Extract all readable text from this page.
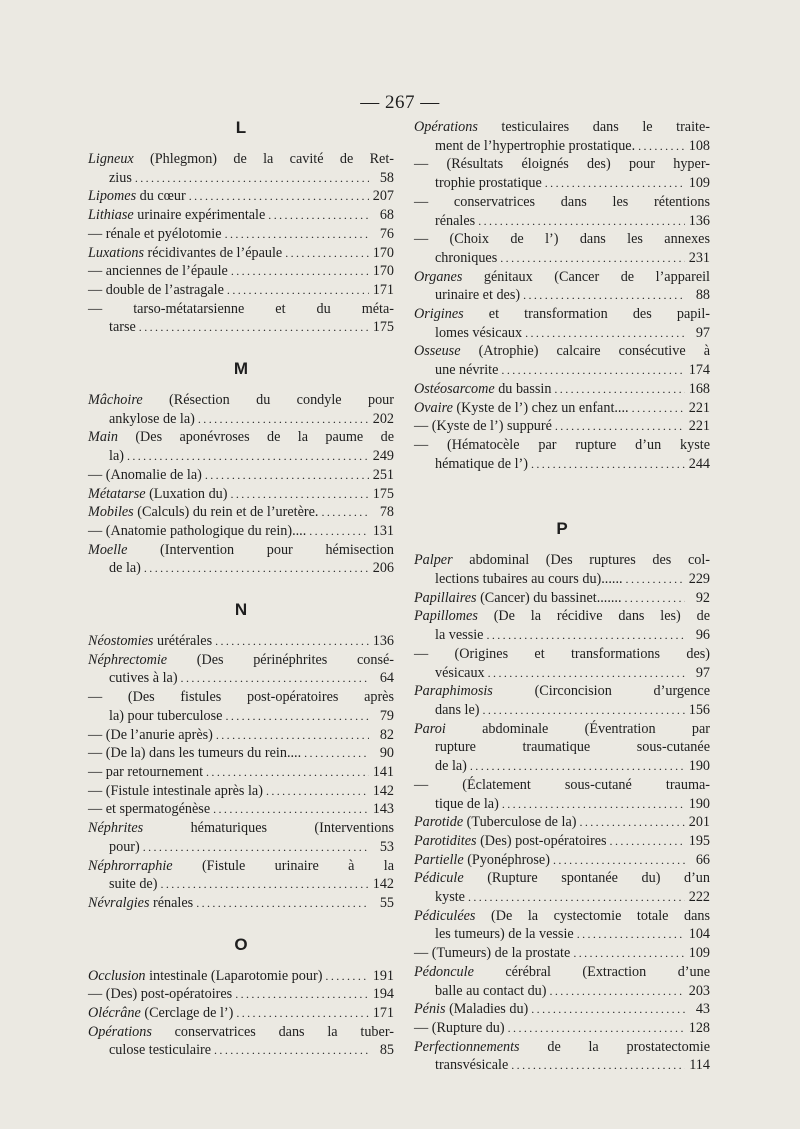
— 267 —
L
Ligneux (Phlegmon) de la cavité de Ret-
zius .....	58
Lipomes du cœur .....	207
Lithiase urinaire expérimentale .....	68
— rénale et pyélotomie .....	76
Luxations récidivantes de l’épaule .....	170
— anciennes de l’épaule .....	170
— double de l’astragale .....	171
— tarso-métatarsienne et du méta-
tarse .....	175
M
Mâchoire (Résection du condyle pour
ankylose de la) .....	202
Main (Des aponévroses de la paume de
la) .....	249
— (Anomalie de la) .....	251
Métatarse (Luxation du) .....	175
Mobiles (Calculs) du rein et de l’uretère. .....	78
— (Anatomie pathologique du rein).... .....	131
Moelle (Intervention pour hémisection
de la) .....	206
N
Néostomies urétérales .....	136
Néphrectomie (Des périnéphrites consé-
cutives à la) .....	64
— (Des fistules post-opératoires après
la) pour tuberculose .....	79
— (De l’anurie après) .....	82
— (De la) dans les tumeurs du rein.... .....	90
— par retournement .....	141
— (Fistule intestinale après la) .....	142
— et spermatogénèse .....	143
Néphrites hématuriques (Interventions
pour) .....	53
Néphrorraphie (Fistule urinaire à la
suite de) .....	142
Névralgies rénales .....	55
O
Occlusion intestinale (Laparotomie pour) .....	191
— (Des) post-opératoires .....	194
Olécrâne (Cerclage de l’) .....	171
Opérations conservatrices dans la tuber-
culose testiculaire .....	85
Opérations testiculaires dans le traite-
ment de l’hypertrophie prostatique. .....	108
— (Résultats éloignés des) pour hyper-
trophie prostatique .....	109
— conservatrices dans les rétentions
rénales .....	136
— (Choix de l’) dans les annexes
chroniques .....	231
Organes génitaux (Cancer de l’appareil
urinaire et des) .....	88
Origines et transformation des papil-
lomes vésicaux .....	97
Osseuse (Atrophie) calcaire consécutive à
une névrite .....	174
Ostéosarcome du bassin .....	168
Ovaire (Kyste de l’) chez un enfant.... .....	221
— (Kyste de l’) suppuré .....	221
— (Hématocèle par rupture d’un kyste
hématique de l’) .....	244
P
Palper abdominal (Des ruptures des col-
lections tubaires au cours du)...... .....	229
Papillaires (Cancer) du bassinet....... .....	92
Papillomes (De la récidive dans les) de
la vessie .....	96
— (Origines et transformations des)
vésicaux .....	97
Paraphimosis (Circoncision d’urgence
dans le) .....	156
Paroi abdominale (Éventration par
rupture traumatique sous-cutanée
de la) .....	190
— (Éclatement sous-cutané trauma-
tique de la) .....	190
Parotide (Tuberculose de la) .....	201
Parotidites (Des) post-opératoires .....	195
Partielle (Pyonéphrose) .....	66
Pédicule (Rupture spontanée du) d’un
kyste .....	222
Pédiculées (De la cystectomie totale dans
les tumeurs) de la vessie .....	104
— (Tumeurs) de la prostate .....	109
Pédoncule cérébral (Extraction d’une
balle au contact du) .....	203
Pénis (Maladies du) .....	43
— (Rupture du) .....	128
Perfectionnements de la prostatectomie
transvésicale .....	114
